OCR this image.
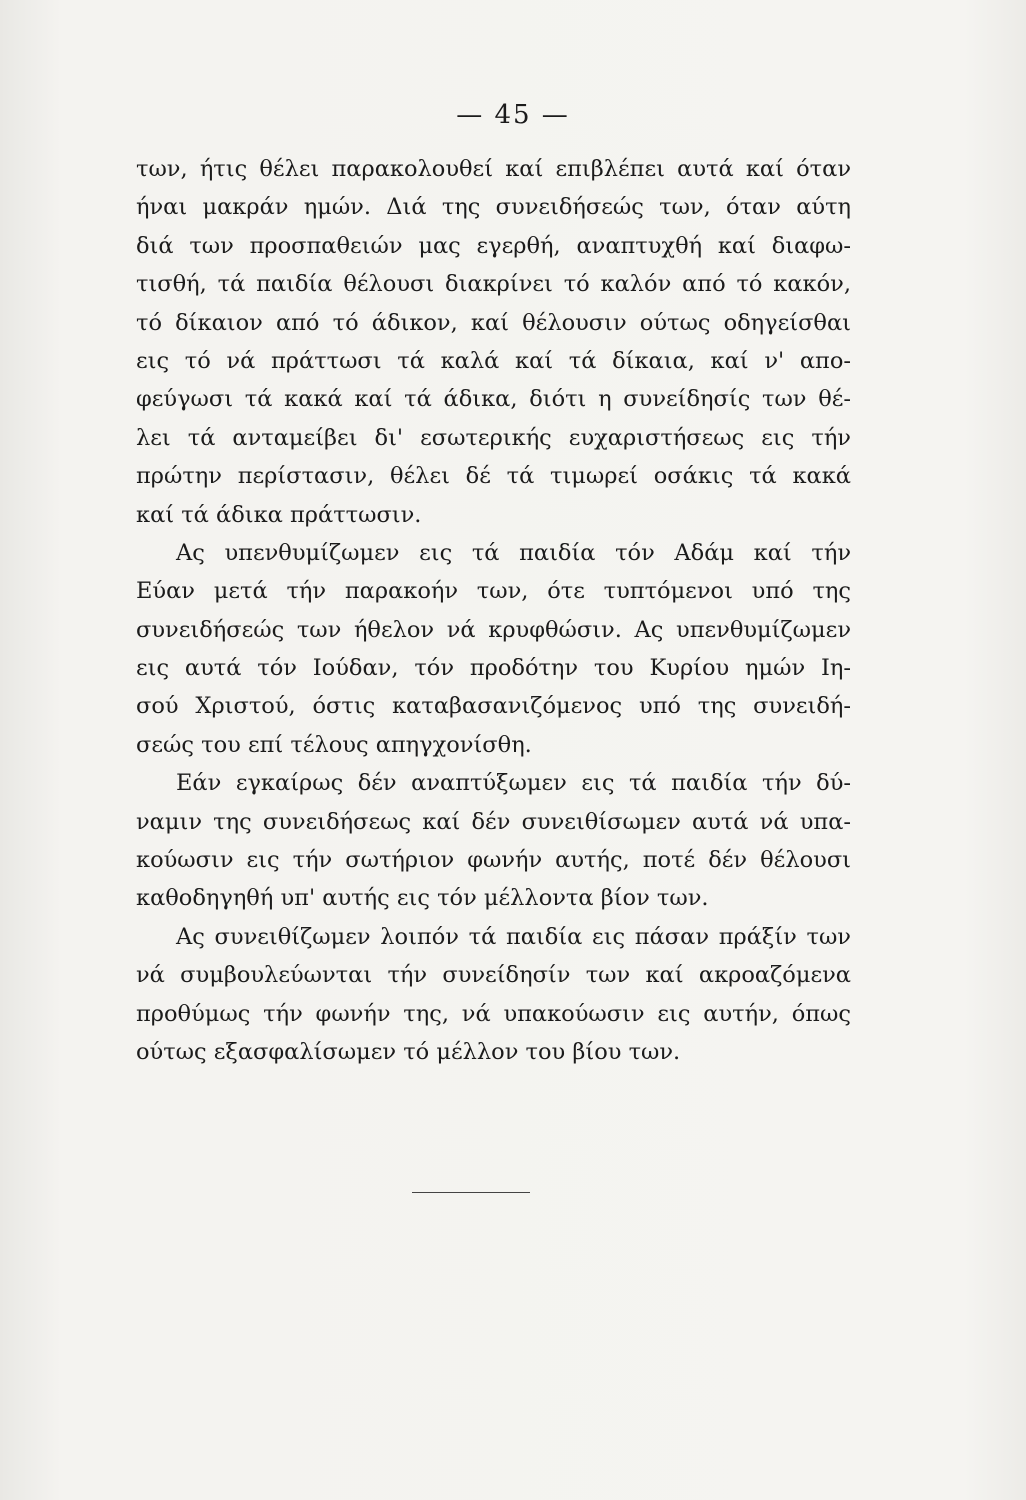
— 45 —
των, ήτις θέλει παρακολουθεί καί επιβλέπει αυτά καί όταν
ήναι μακράν ημών. Διά της συνειδήσεώς των, όταν αύτη
διά των προσπαθειών μας εγερθή, αναπτυχθή καί διαφω-
τισθή, τά παιδία θέλουσι διακρίνει τό καλόν από τό κακόν,
τό δίκαιον από τό άδικον, καί θέλουσιν ούτως οδηγείσθαι
εις τό νά πράττωσι τά καλά καί τά δίκαια, καί ν' απο-
φεύγωσι τά κακά καί τά άδικα, διότι η συνείδησίς των θέ-
λει τά ανταμείβει δι' εσωτερικής ευχαριστήσεως εις τήν
πρώτην περίστασιν, θέλει δέ τά τιμωρεί οσάκις τά κακά
καί τά άδικα πράττωσιν.
Ας υπενθυμίζωμεν εις τά παιδία τόν Αδάμ καί τήν
Εύαν μετά τήν παρακοήν των, ότε τυπτόμενοι υπό της
συνειδήσεώς των ήθελον νά κρυφθώσιν. Ας υπενθυμίζωμεν
εις αυτά τόν Ιούδαν, τόν προδότην του Κυρίου ημών Ιη-
σού Χριστού, όστις καταβασανιζόμενος υπό της συνειδή-
σεώς του επί τέλους απηγχονίσθη.
Εάν εγκαίρως δέν αναπτύξωμεν εις τά παιδία τήν δύ-
ναμιν της συνειδήσεως καί δέν συνειθίσωμεν αυτά νά υπα-
κούωσιν εις τήν σωτήριον φωνήν αυτής, ποτέ δέν θέλουσι
καθοδηγηθή υπ' αυτής εις τόν μέλλοντα βίον των.
Ας συνειθίζωμεν λοιπόν τά παιδία εις πάσαν πράξίν των
νά συμβουλεύωνται τήν συνείδησίν των καί ακροαζόμενα
προθύμως τήν φωνήν της, νά υπακούωσιν εις αυτήν, όπως
ούτως εξασφαλίσωμεν τό μέλλον του βίου των.
